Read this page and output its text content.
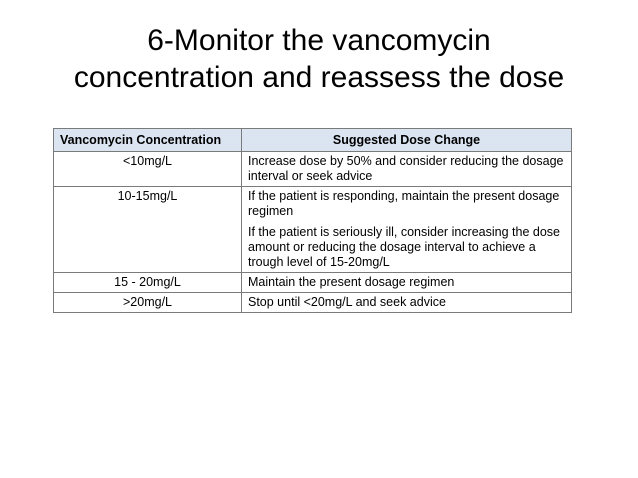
6-Monitor the vancomycin
concentration and reassess the dose
Vancomycin Concentration	Suggested Dose Change
<10mg/L	Increase dose by 50% and consider reducing the dosage interval or seek advice

10-15mg/L	If the patient is responding, maintain the present dosage regimen
If the patient is seriously ill, consider increasing the dose amount or reducing the dosage interval to achieve a trough level of 15-20mg/L

15 - 20mg/L	Maintain the present dosage regimen

>20mg/L	Stop until <20mg/L and seek advice
